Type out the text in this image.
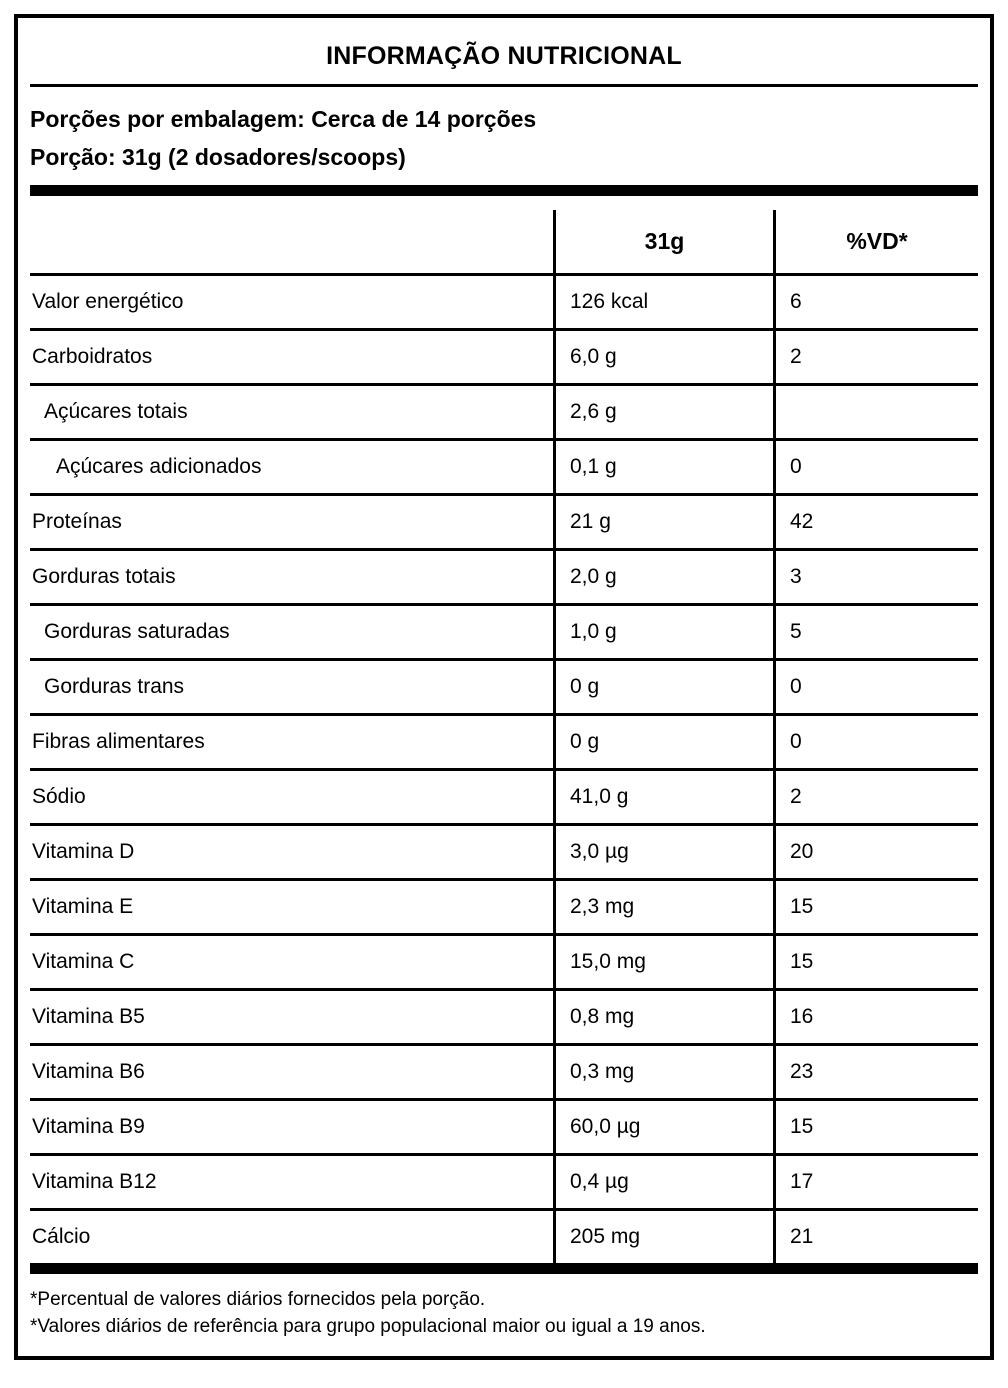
INFORMAÇÃO NUTRICIONAL
Porções por embalagem: Cerca de 14 porções
Porção: 31g (2 dosadores/scoops)
31g	%VD*
Valor energético	126 kcal	6
Carboidratos	6,0 g	2
Açúcares totais	2,6 g
Açúcares adicionados	0,1 g	0
Proteínas	21 g	42
Gorduras totais	2,0 g	3
Gorduras saturadas	1,0 g	5
Gorduras trans	0 g	0
Fibras alimentares	0 g	0
Sódio	41,0 g	2
Vitamina D	3,0 µg	20
Vitamina E	2,3 mg	15
Vitamina C	15,0 mg	15
Vitamina B5	0,8 mg	16
Vitamina B6	0,3 mg	23
Vitamina B9	60,0 µg	15
Vitamina B12	0,4 µg	17
Cálcio	205 mg	21
*Percentual de valores diários fornecidos pela porção.
*Valores diários de referência para grupo populacional maior ou igual a 19 anos.
